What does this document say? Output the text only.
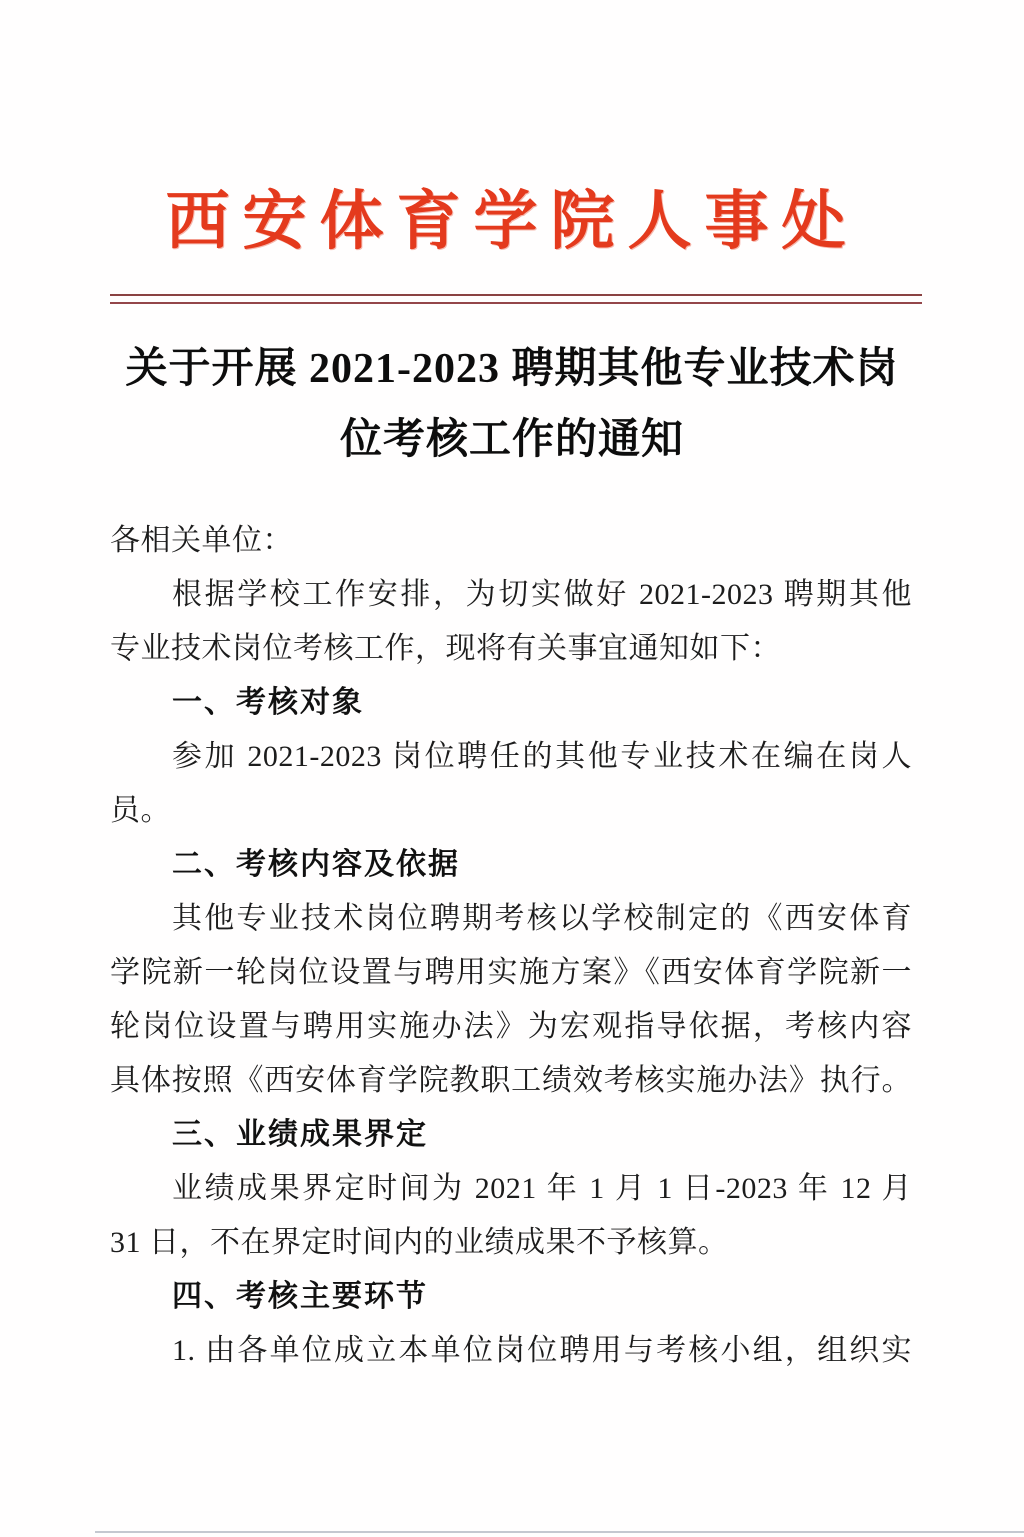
西安体育学院人事处
关于开展 2021-2023 聘期其他专业技术岗
位考核工作的通知
各相关单位：
根据学校工作安排，为切实做好 2021-2023 聘期其他
专业技术岗位考核工作，现将有关事宜通知如下：
一、考核对象
参加 2021-2023 岗位聘任的其他专业技术在编在岗人
员。
二、考核内容及依据
其他专业技术岗位聘期考核以学校制定的《西安体育
学院新一轮岗位设置与聘用实施方案》《西安体育学院新一
轮岗位设置与聘用实施办法》为宏观指导依据，考核内容
具体按照《西安体育学院教职工绩效考核实施办法》执行。
三、业绩成果界定
业绩成果界定时间为 2021 年 1 月 1 日-2023 年 12 月
31 日，不在界定时间内的业绩成果不予核算。
四、考核主要环节
1. 由各单位成立本单位岗位聘用与考核小组，组织实
